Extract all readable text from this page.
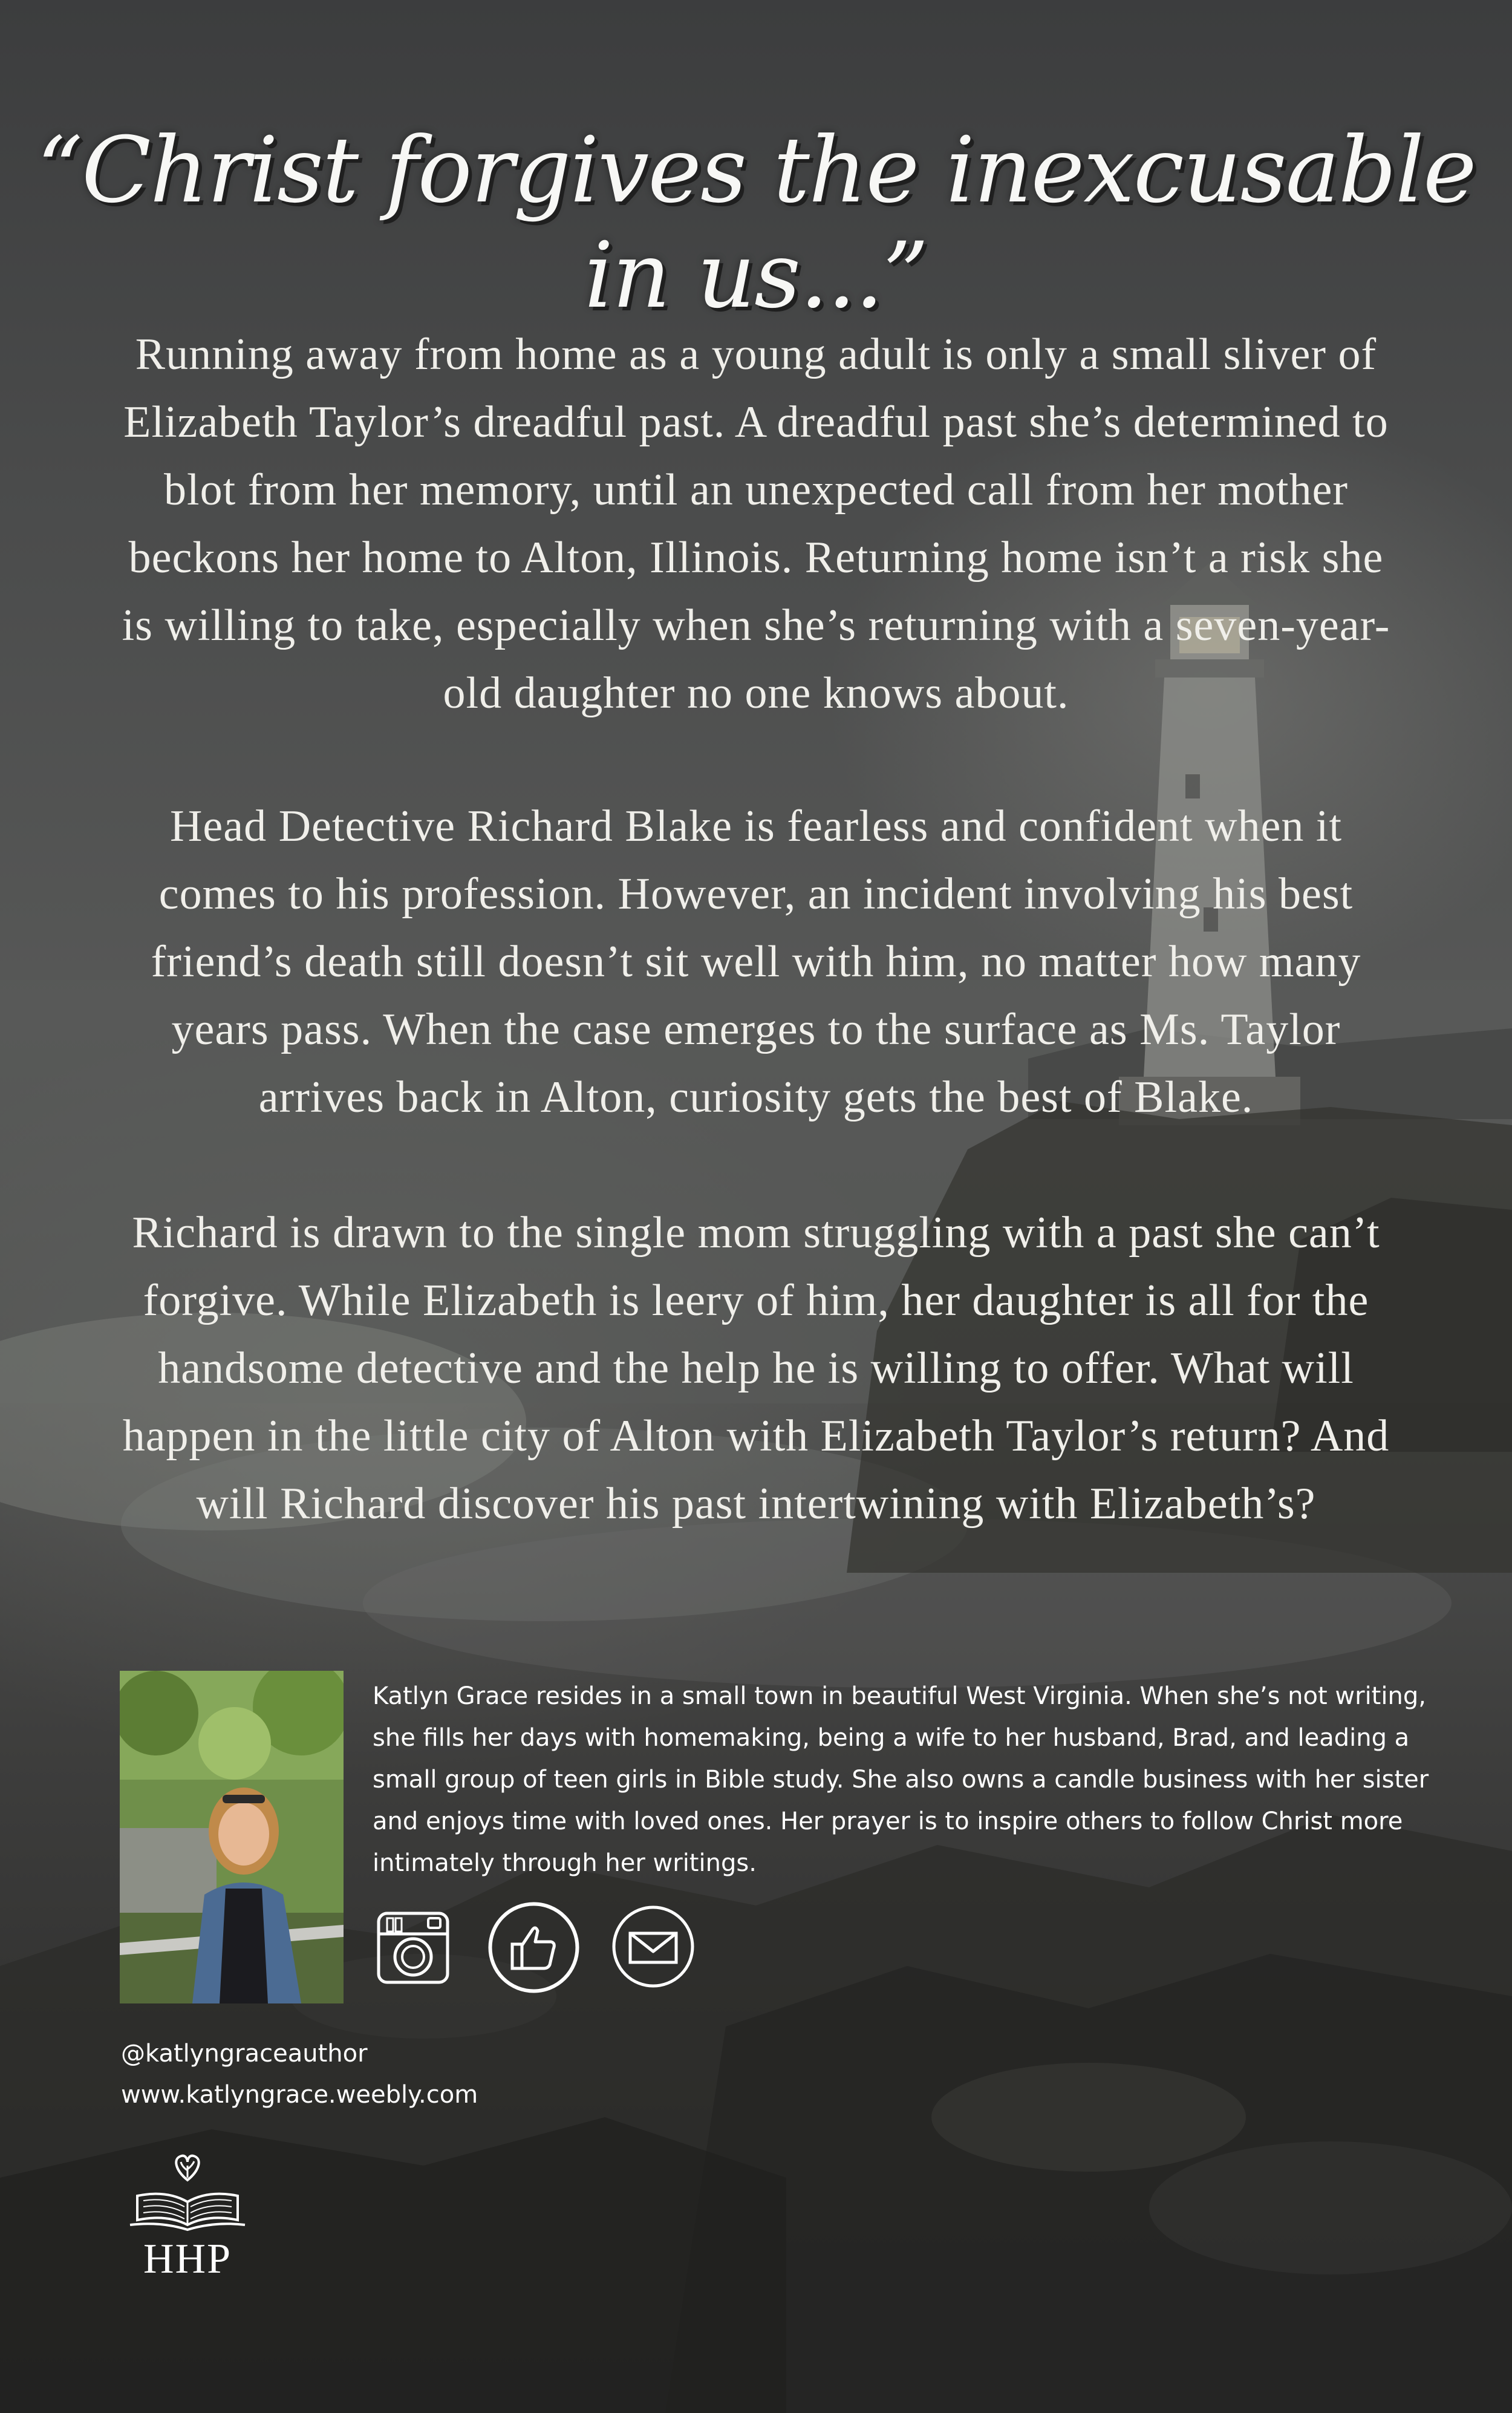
“Christ forgives the inexcusable in us...”

Running away from home as a young adult is only a small sliver of Elizabeth Taylor’s dreadful past. A dreadful past she’s determined to blot from her memory, until an unexpected call from her mother beckons her home to Alton, Illinois. Returning home isn’t a risk she is willing to take, especially when she’s returning with a seven-year-old daughter no one knows about.

Head Detective Richard Blake is fearless and confident when it comes to his profession. However, an incident involving his best friend’s death still doesn’t sit well with him, no matter how many years pass. When the case emerges to the surface as Ms. Taylor arrives back in Alton, curiosity gets the best of Blake.

Richard is drawn to the single mom struggling with a past she can’t forgive. While Elizabeth is leery of him, her daughter is all for the handsome detective and the help he is willing to offer. What will happen in the little city of Alton with Elizabeth Taylor’s return? And will Richard discover his past intertwining with Elizabeth’s?

Katlyn Grace resides in a small town in beautiful West Virginia. When she’s not writing, she fills her days with homemaking, being a wife to her husband, Brad, and leading a small group of teen girls in Bible study. She also owns a candle business with her sister and enjoys time with loved ones. Her prayer is to inspire others to follow Christ more intimately through her writings.
@katlyngraceauthor
www.katlyngrace.weebly.com
HHP
